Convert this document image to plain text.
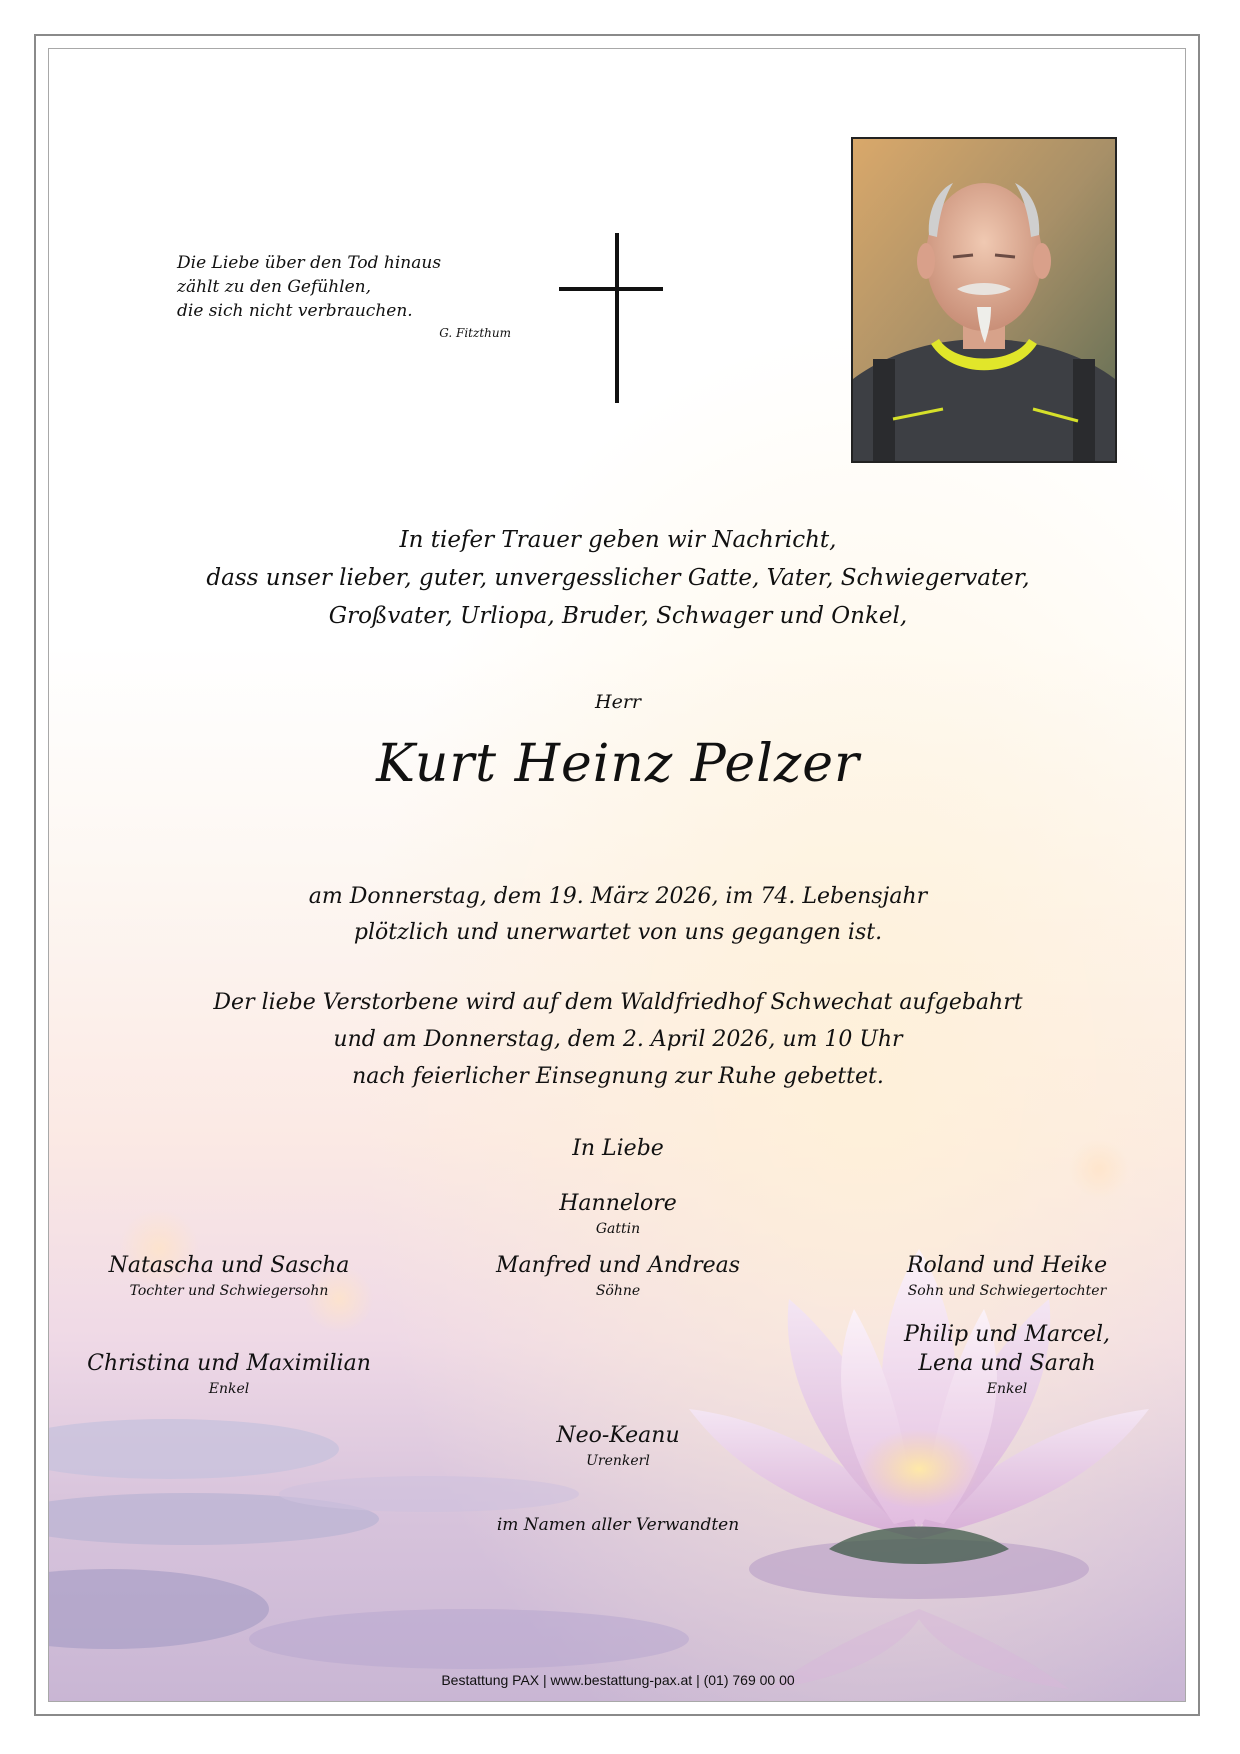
Die Liebe über den Tod hinaus
zählt zu den Gefühlen,
die sich nicht verbrauchen.
G. Fitzthum
In tiefer Trauer geben wir Nachricht,
dass unser lieber, guter, unvergesslicher Gatte, Vater, Schwiegervater,
Großvater, Urliopa, Bruder, Schwager und Onkel,
Herr
Kurt Heinz Pelzer
am Donnerstag, dem 19. März 2026, im 74. Lebensjahr
plötzlich und unerwartet von uns gegangen ist.
Der liebe Verstorbene wird auf dem Waldfriedhof Schwechat aufgebahrt
und am Donnerstag, dem 2. April 2026, um 10 Uhr
nach feierlicher Einsegnung zur Ruhe gebettet.
In Liebe
Hannelore
Gattin
Natascha und Sascha
Tochter und Schwiegersohn
Manfred und Andreas
Söhne
Roland und Heike
Sohn und Schwiegertochter
Christina und Maximilian
Enkel
Philip und Marcel,
Lena und Sarah
Enkel
Neo-Keanu
Urenkerl
im Namen aller Verwandten
Bestattung PAX | www.bestattung-pax.at | (01) 769 00 00
